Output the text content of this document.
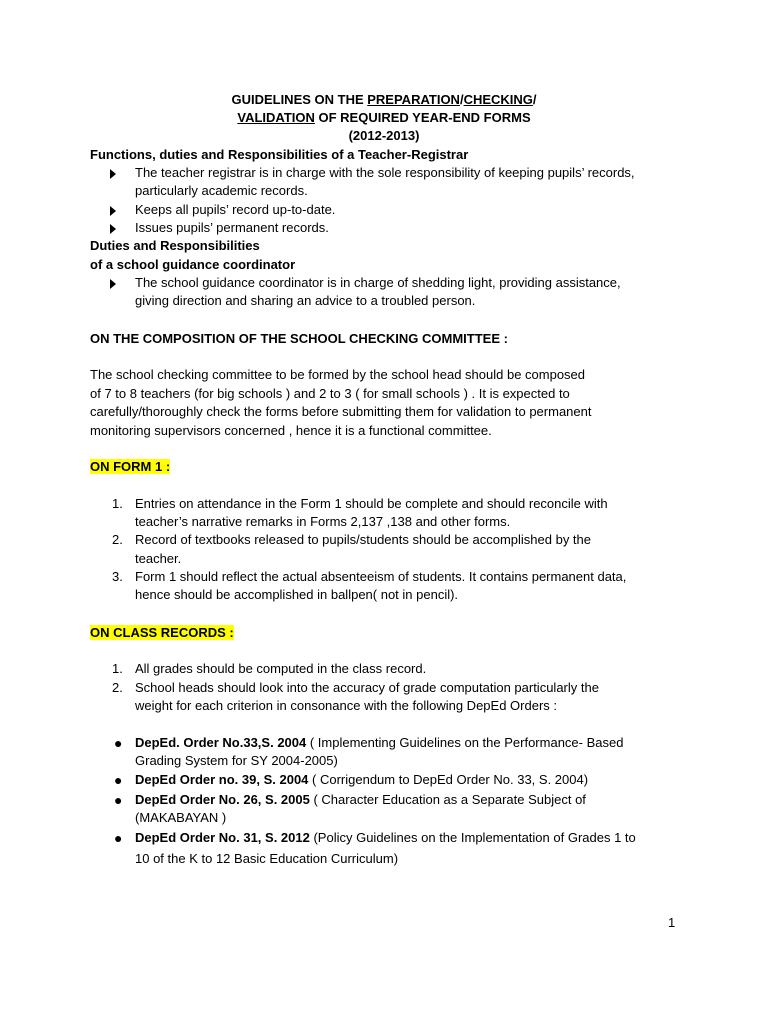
GUIDELINES ON THE PREPARATION/CHECKING/
VALIDATION OF REQUIRED YEAR-END FORMS
(2012-2013)
Functions, duties and Responsibilities of a Teacher-Registrar
The teacher registrar is in charge with the sole responsibility of keeping pupils’ records,
particularly academic records.
Keeps all pupils’ record up-to-date.
Issues pupils’ permanent records.
Duties and Responsibilities
of a school guidance coordinator
The school guidance coordinator is in charge of shedding light, providing assistance,
giving direction and sharing an advice to a troubled person.
ON THE COMPOSITION OF THE SCHOOL CHECKING COMMITTEE :
The school checking committee to be formed by the school head should be composed
of 7 to 8 teachers (for big schools ) and 2 to 3 ( for small schools ) . It is expected to
carefully/thoroughly check the forms before submitting them for validation to permanent
monitoring supervisors concerned , hence it is a functional committee.
ON FORM 1 :
1. Entries on attendance in the Form 1 should be complete and should reconcile with
teacher’s narrative remarks in Forms 2,137 ,138 and other forms.
2. Record of textbooks released to pupils/students should be accomplished by the
teacher.
3. Form 1 should reflect the actual absenteeism of students. It contains permanent data,
hence should be accomplished in ballpen( not in pencil).
ON CLASS RECORDS :
1. All grades should be computed in the class record.
2. School heads should look into the accuracy of grade computation particularly the
weight for each criterion in consonance with the following DepEd Orders :
● DepEd. Order No.33,S. 2004 ( Implementing Guidelines on the Performance- Based
Grading System for SY 2004-2005)
● DepEd Order no. 39, S. 2004 ( Corrigendum to DepEd Order No. 33, S. 2004)
● DepEd Order No. 26, S. 2005 ( Character Education as a Separate Subject of
(MAKABAYAN )
● DepEd Order No. 31, S. 2012 (Policy Guidelines on the Implementation of Grades 1 to
10 of the K to 12 Basic Education Curriculum)
1
